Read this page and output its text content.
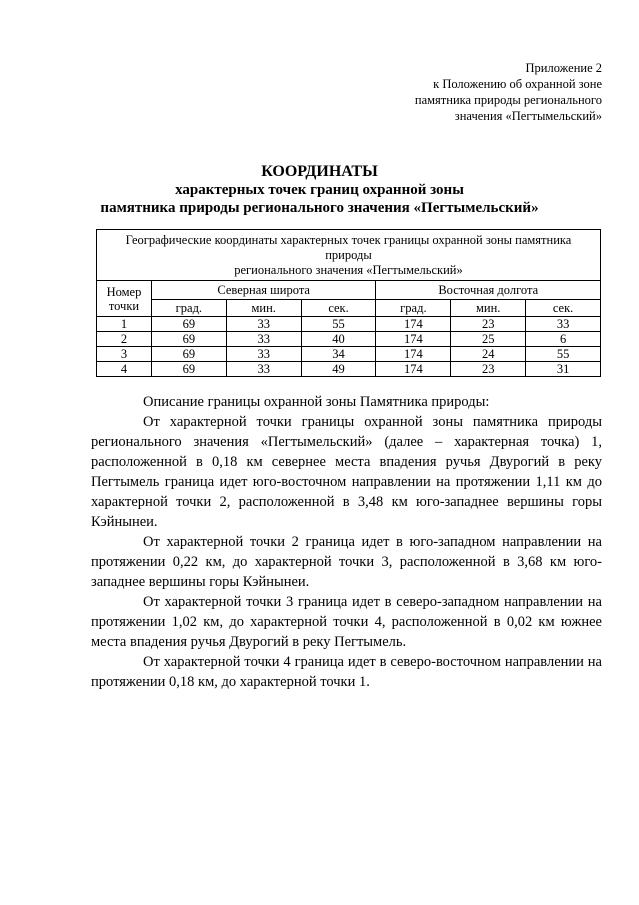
Приложение 2
к Положению об охранной зоне
памятника природы регионального
значения «Пегтымельский»
КООРДИНАТЫ
характерных точек границ охранной зоны
памятника природы регионального значения «Пегтымельский»
Географические координаты характерных точек границы охранной зоны памятника природы
регионального значения «Пегтымельский»						
Номер точки	Северная широта			Восточная долгота		
	град.	мин.	сек.	град.	мин.	сек.
1	69	33	55	174	23	33
2	69	33	40	174	25	6
3	69	33	34	174	24	55
4	69	33	49	174	23	31

Описание границы охранной зоны Памятника природы:

От характерной точки границы охранной зоны памятника природы регионального значения «Пегтымельский» (далее – характерная точка) 1, расположенной в 0,18 км севернее места впадения ручья Двурогий в реку Пегтымель граница идет юго-восточном направлении на протяжении 1,11 км до характерной точки 2, расположенной в 3,48 км юго-западнее вершины горы Кэйнынеи.

От характерной точки 2 граница идет в юго-западном направлении на протяжении 0,22 км, до характерной точки 3, расположенной в 3,68 км юго-западнее вершины горы Кэйнынеи.

От характерной точки 3 граница идет в северо-западном направлении на протяжении 1,02 км, до характерной точки 4, расположенной в 0,02 км южнее места впадения ручья Двурогий в реку Пегтымель.

От характерной точки 4 граница идет в северо-восточном направлении на протяжении 0,18 км, до характерной точки 1.
